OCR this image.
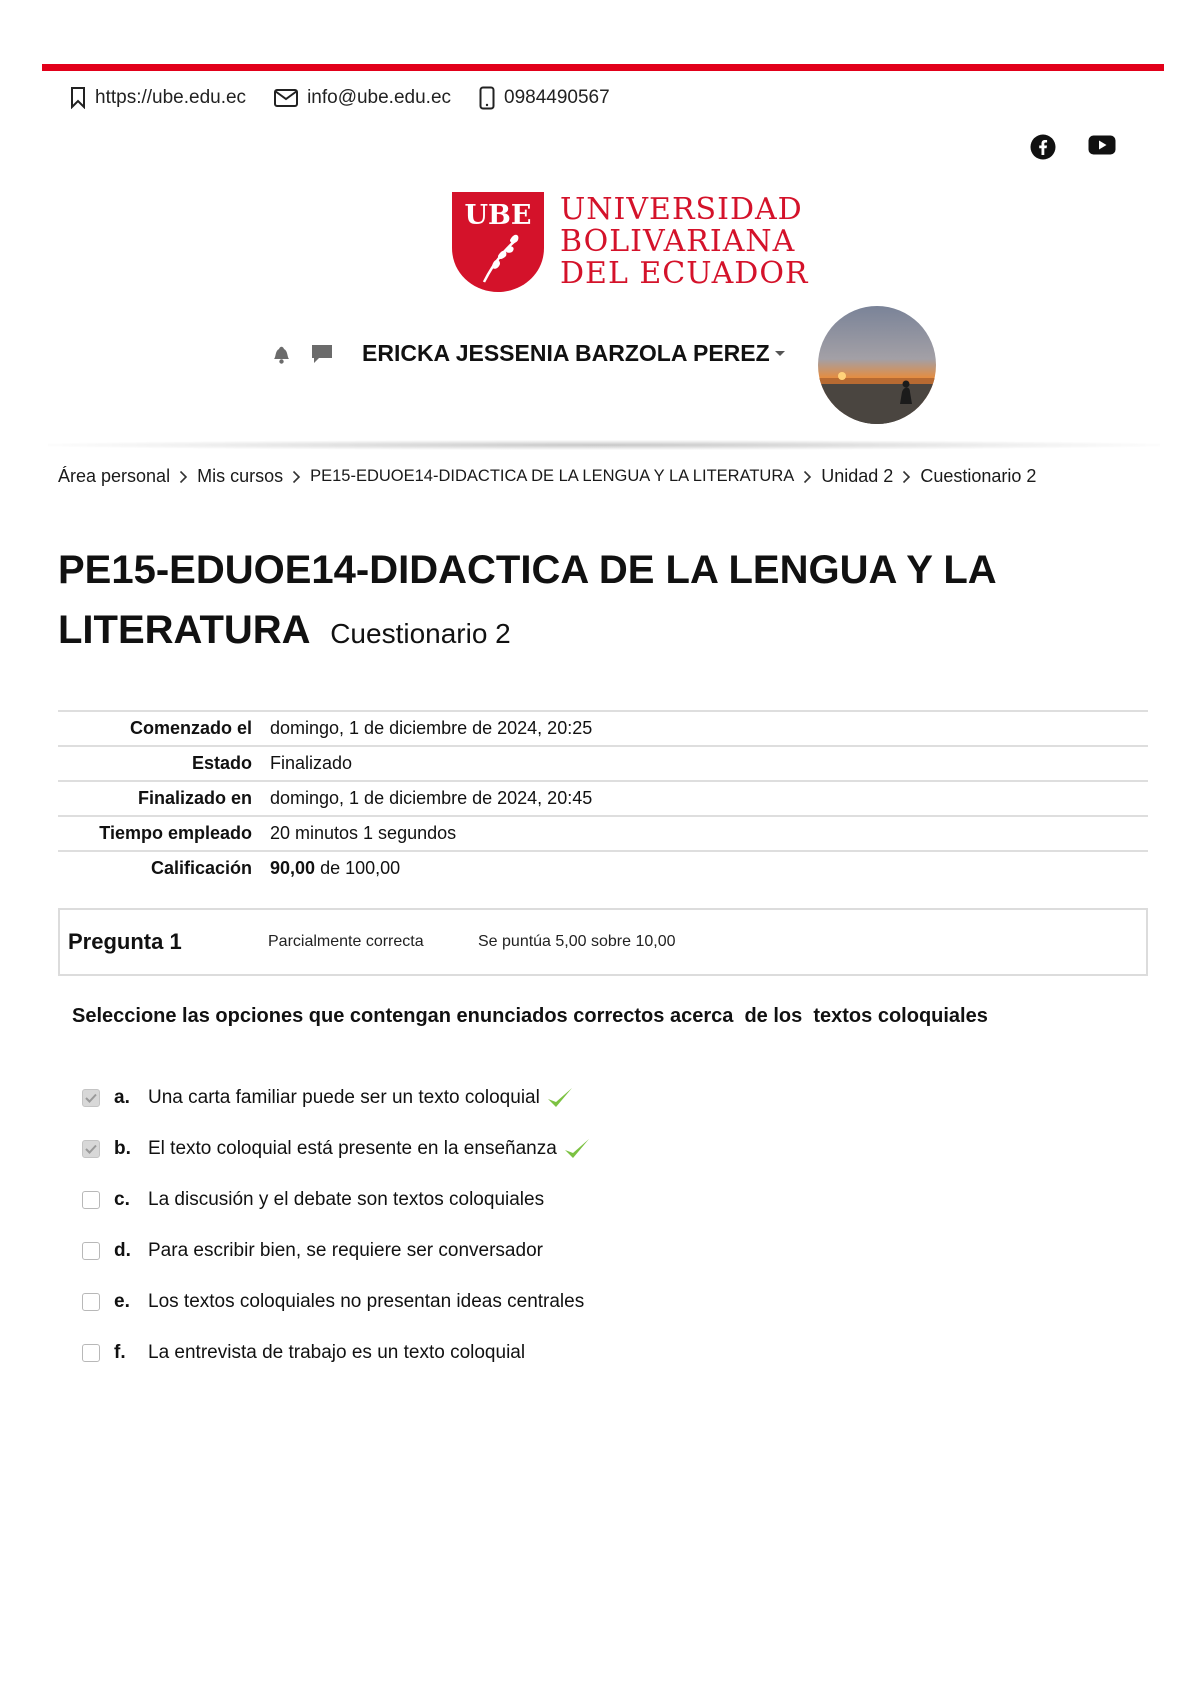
https://ube.edu.ec	info@ube.edu.ec	0984490567
UBE UNIVERSIDAD
BOLIVARIANA
DEL ECUADOR
ERICKA JESSENIA BARZOLA PEREZ
Área personal Mis cursos PE15-EDUOE14-DIDACTICA DE LA LENGUA Y LA LITERATURA Unidad 2 Cuestionario 2
PE15-EDUOE14-DIDACTICA DE LA LENGUA Y LA LITERATURA Cuestionario 2
Comenzado el	domingo, 1 de diciembre de 2024, 20:25
Estado	Finalizado
Finalizado en	domingo, 1 de diciembre de 2024, 20:45
Tiempo empleado	20 minutos 1 segundos
Calificación	90,00 de 100,00
Pregunta 1	Parcialmente correcta	Se puntúa 5,00 sobre 10,00
Seleccione las opciones que contengan enunciados correctos acerca  de los  textos coloquiales
a. Una carta familiar puede ser un texto coloquial
b. El texto coloquial está presente en la enseñanza
c. La discusión y el debate son textos coloquiales
d. Para escribir bien, se requiere ser conversador
e. Los textos coloquiales no presentan ideas centrales
f.	La entrevista de trabajo es un texto coloquial
